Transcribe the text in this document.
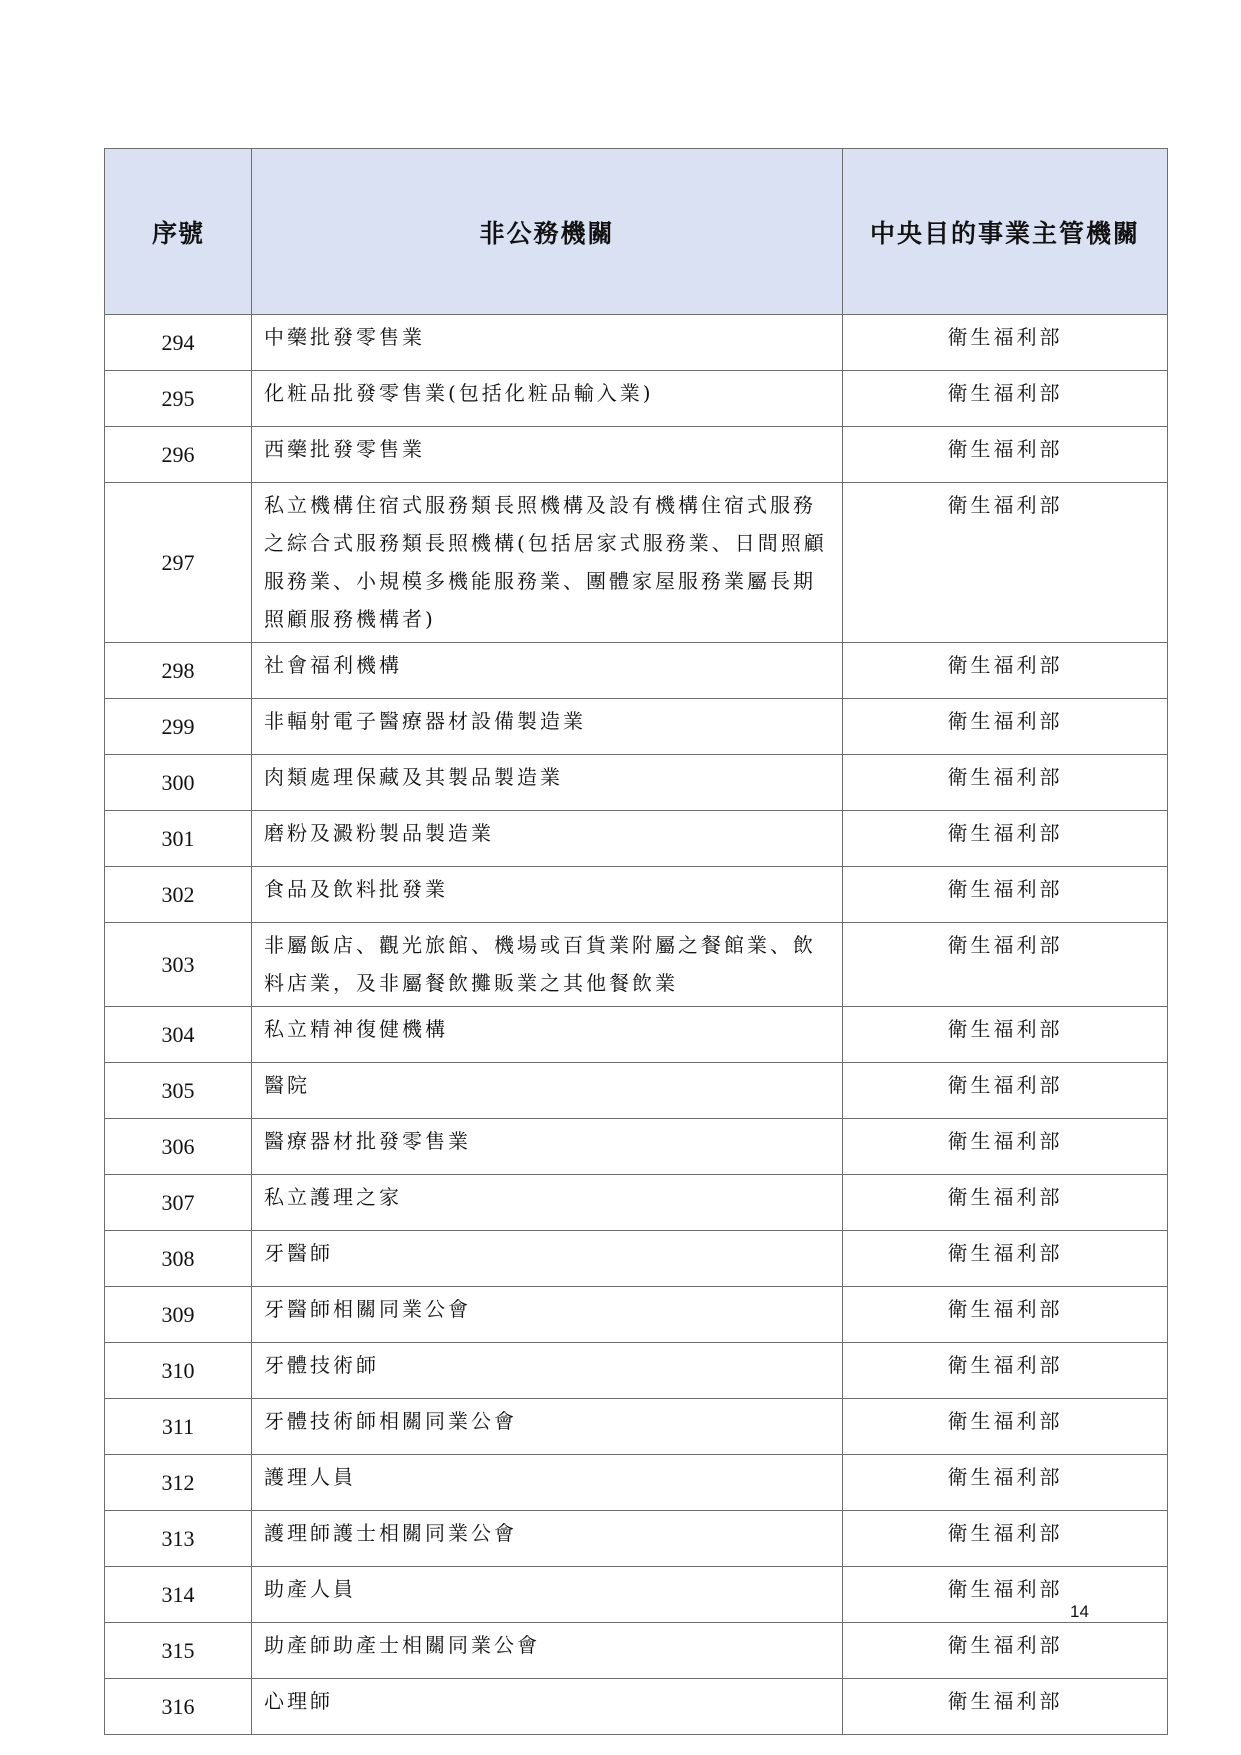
序號	非公務機關	中央目的事業主管機關
294	中藥批發零售業	衛生福利部
295	化粧品批發零售業(包括化粧品輸入業)	衛生福利部
296	西藥批發零售業	衛生福利部
297	私立機構住宿式服務類長照機構及設有機構住宿式服務之綜合式服務類長照機構(包括居家式服務業、日間照顧服務業、小規模多機能服務業、團體家屋服務業屬長期照顧服務機構者)	衛生福利部
298	社會福利機構	衛生福利部
299	非輻射電子醫療器材設備製造業	衛生福利部
300	肉類處理保藏及其製品製造業	衛生福利部
301	磨粉及澱粉製品製造業	衛生福利部
302	食品及飲料批發業	衛生福利部
303	非屬飯店、觀光旅館、機場或百貨業附屬之餐館業、飲料店業，及非屬餐飲攤販業之其他餐飲業	衛生福利部
304	私立精神復健機構	衛生福利部
305	醫院	衛生福利部
306	醫療器材批發零售業	衛生福利部
307	私立護理之家	衛生福利部
308	牙醫師	衛生福利部
309	牙醫師相關同業公會	衛生福利部
310	牙體技術師	衛生福利部
311	牙體技術師相關同業公會	衛生福利部
312	護理人員	衛生福利部
313	護理師護士相關同業公會	衛生福利部
314	助產人員	衛生福利部
315	助產師助產士相關同業公會	衛生福利部
316	心理師	衛生福利部
14
